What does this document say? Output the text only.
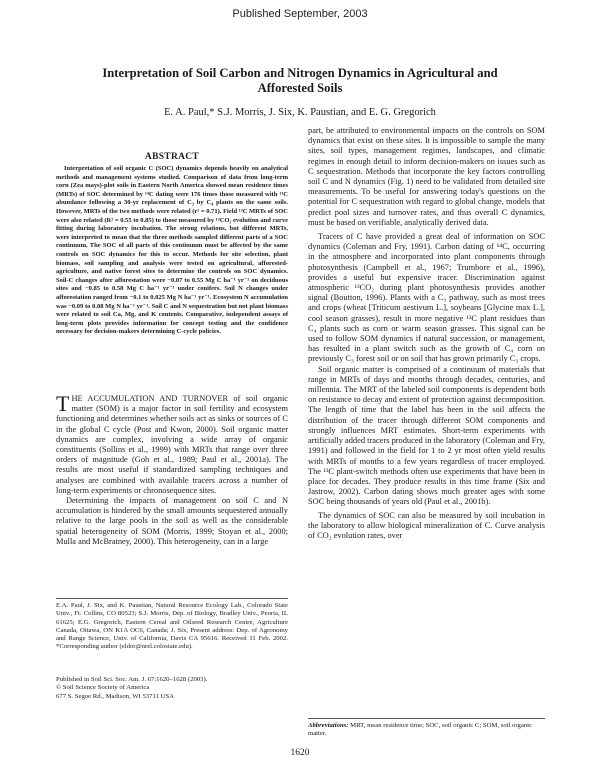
Published September, 2003
Interpretation of Soil Carbon and Nitrogen Dynamics in Agricultural and Afforested Soils
E. A. Paul,* S.J. Morris, J. Six, K. Paustian, and E. G. Gregorich
ABSTRACT

Interpretation of soil organic C (SOC) dynamics depends heavily on analytical methods and management systems studied. Comparison of data from long-term corn (Zea mays)-plot soils in Eastern North America showed mean residence times (MRTs) of SOC determined by ¹⁴C dating were 176 times those measured with ¹³C abundance following a 30-yr replacement of C₃ by C₄ plants on the same soils. However, MRTs of the two methods were related (r² = 0.71). Field ¹³C MRTs of SOC were also related (R² = 0.55 to 0.85) to those measured by ¹³CO₂ evolution and curve fitting during laboratory incubation. The strong relations, but different MRTs, were interpreted to mean that the three methods sampled different parts of a SOC continuum. The SOC of all parts of this continuum must be affected by the same controls on SOC dynamics for this to occur. Methods for site selection, plant biomass, soil sampling and analysis were tested on agricultural, afforested-agriculture, and native forest sites to determine the controls on SOC dynamics. Soil-C changes after afforestation were −0.07 to 0.55 Mg C ha⁻¹ yr⁻¹ on deciduous sites and −0.85 to 0.58 Mg C ha⁻¹ yr⁻¹ under conifers. Soil N changes under afforestation ranged from −0.1 to 0.025 Mg N ha⁻¹ yr⁻¹. Ecosystem N accumulation was −0.09 to 0.08 Mg N ha⁻¹ yr⁻¹. Soil C and N sequestration but not plant biomass were related to soil Ca, Mg, and K contents. Comparative, independent assays of long-term plots provides information for concept testing and the confidence necessary for decision-makers determining C-cycle policies.

THE ACCUMULATION AND TURNOVER of soil organic matter (SOM) is a major factor in soil fertility and ecosystem functioning and determines whether soils act as sinks or sources of C in the global C cycle (Post and Kwon, 2000). Soil organic matter dynamics are complex, involving a wide array of organic constituents (Sollins et al., 1999) with MRTs that range over three orders of magnitude (Goh et al., 1989; Paul et al., 2001a). The results are most useful if standardized sampling techniques and analyses are combined with available tracers across a number of long-term experiments or chronosequence sites.

Determining the impacts of management on soil C and N accumulation is hindered by the small amounts sequestered annually relative to the large pools in the soil as well as the considerable spatial heterogeneity of SOM (Morris, 1999; Stoyan et al., 2000; Mulla and McBratney, 2000). This heterogeneity, can in a large

E.A. Paul, J. Six, and K. Paustian, Natural Resource Ecology Lab., Colorado State Univ., Ft. Collins, CO 80523; S.J. Morris, Dep. of Biology, Bradley Univ., Peoria, IL 61625; E.G. Gregorich, Eastern Cereal and Oilseed Research Centre, Agriculture Canada, Ottawa, ON K1A OC6, Canada; J. Six, Present address: Dep. of Agronomy and Range Science, Univ. of California, Davis CA 95616. Received 11 Feb. 2002. *Corresponding author (eldor@nrel.colostate.edu).
Published in Soil Sci. Soc. Am. J. 67:1620–1628 (2003).
© Soil Science Society of America
677 S. Segoe Rd., Madison, WI 53711 USA

part, be attributed to environmental impacts on the controls on SOM dynamics that exist on these sites. It is impossible to sample the many sites, soil types, management regimes, landscapes, and climatic regimes in enough detail to inform decision-makers on issues such as C sequestration. Methods that incorporate the key factors controlling soil C and N dynamics (Fig. 1) need to be validated from detailed site measurements. To be useful for answering today's questions on the potential for C sequestration with regard to global change, models that predict pool sizes and turnover rates, and thus overall C dynamics, must be based on verifiable, analytically derived data.

Tracers of C have provided a great deal of information on SOC dynamics (Coleman and Fry, 1991). Carbon dating of ¹⁴C, occurring in the atmosphere and incorporated into plant components through photosynthesis (Campbell et al., 1967; Trumbore et al., 1996), provides a useful but expensive tracer. Discrimination against atmospheric ¹³CO₂ during plant photosynthesis provides another signal (Boutton, 1996). Plants with a C₃ pathway, such as most trees and crops (wheat [Triticum aestivum L.], soybeans [Glycine max L.], cool season grasses), result in more negative ¹³C plant residues than C₄ plants such as corn or warm season grasses. This signal can be used to follow SOM dynamics if natural succession, or management, has resulted in a plant switch such as the growth of C₄ corn on previously C₃ forest soil or on soil that has grown primarily C₃ crops.

Soil organic matter is comprised of a continuum of materials that range in MRTs of days and months through decades, centuries, and millennia. The MRT of the labeled soil components is dependent both on resistance to decay and extent of protection against decomposition. The length of time that the label has been in the soil affects the distribution of the tracer through different SOM components and strongly influences MRT estimates. Short-term experiments with artificially added tracers produced in the laboratory (Coleman and Fry, 1991) and followed in the field for 1 to 2 yr most often yield results with MRTs of months to a few years regardless of tracer employed. The ¹³C plant-switch methods often use experiments that have been in place for decades. They produce results in this time frame (Six and Jastrow, 2002). Carbon dating shows much greater ages with some SOC being thousands of years old (Paul et al., 2001b).

The dynamics of SOC can also be measured by soil incubation in the laboratory to allow biological mineralization of C. Curve analysis of CO₂ evolution rates, over

Abbreviations: MRT, mean residence time; SOC, soil organic C; SOM, soil organic matter.
1620
